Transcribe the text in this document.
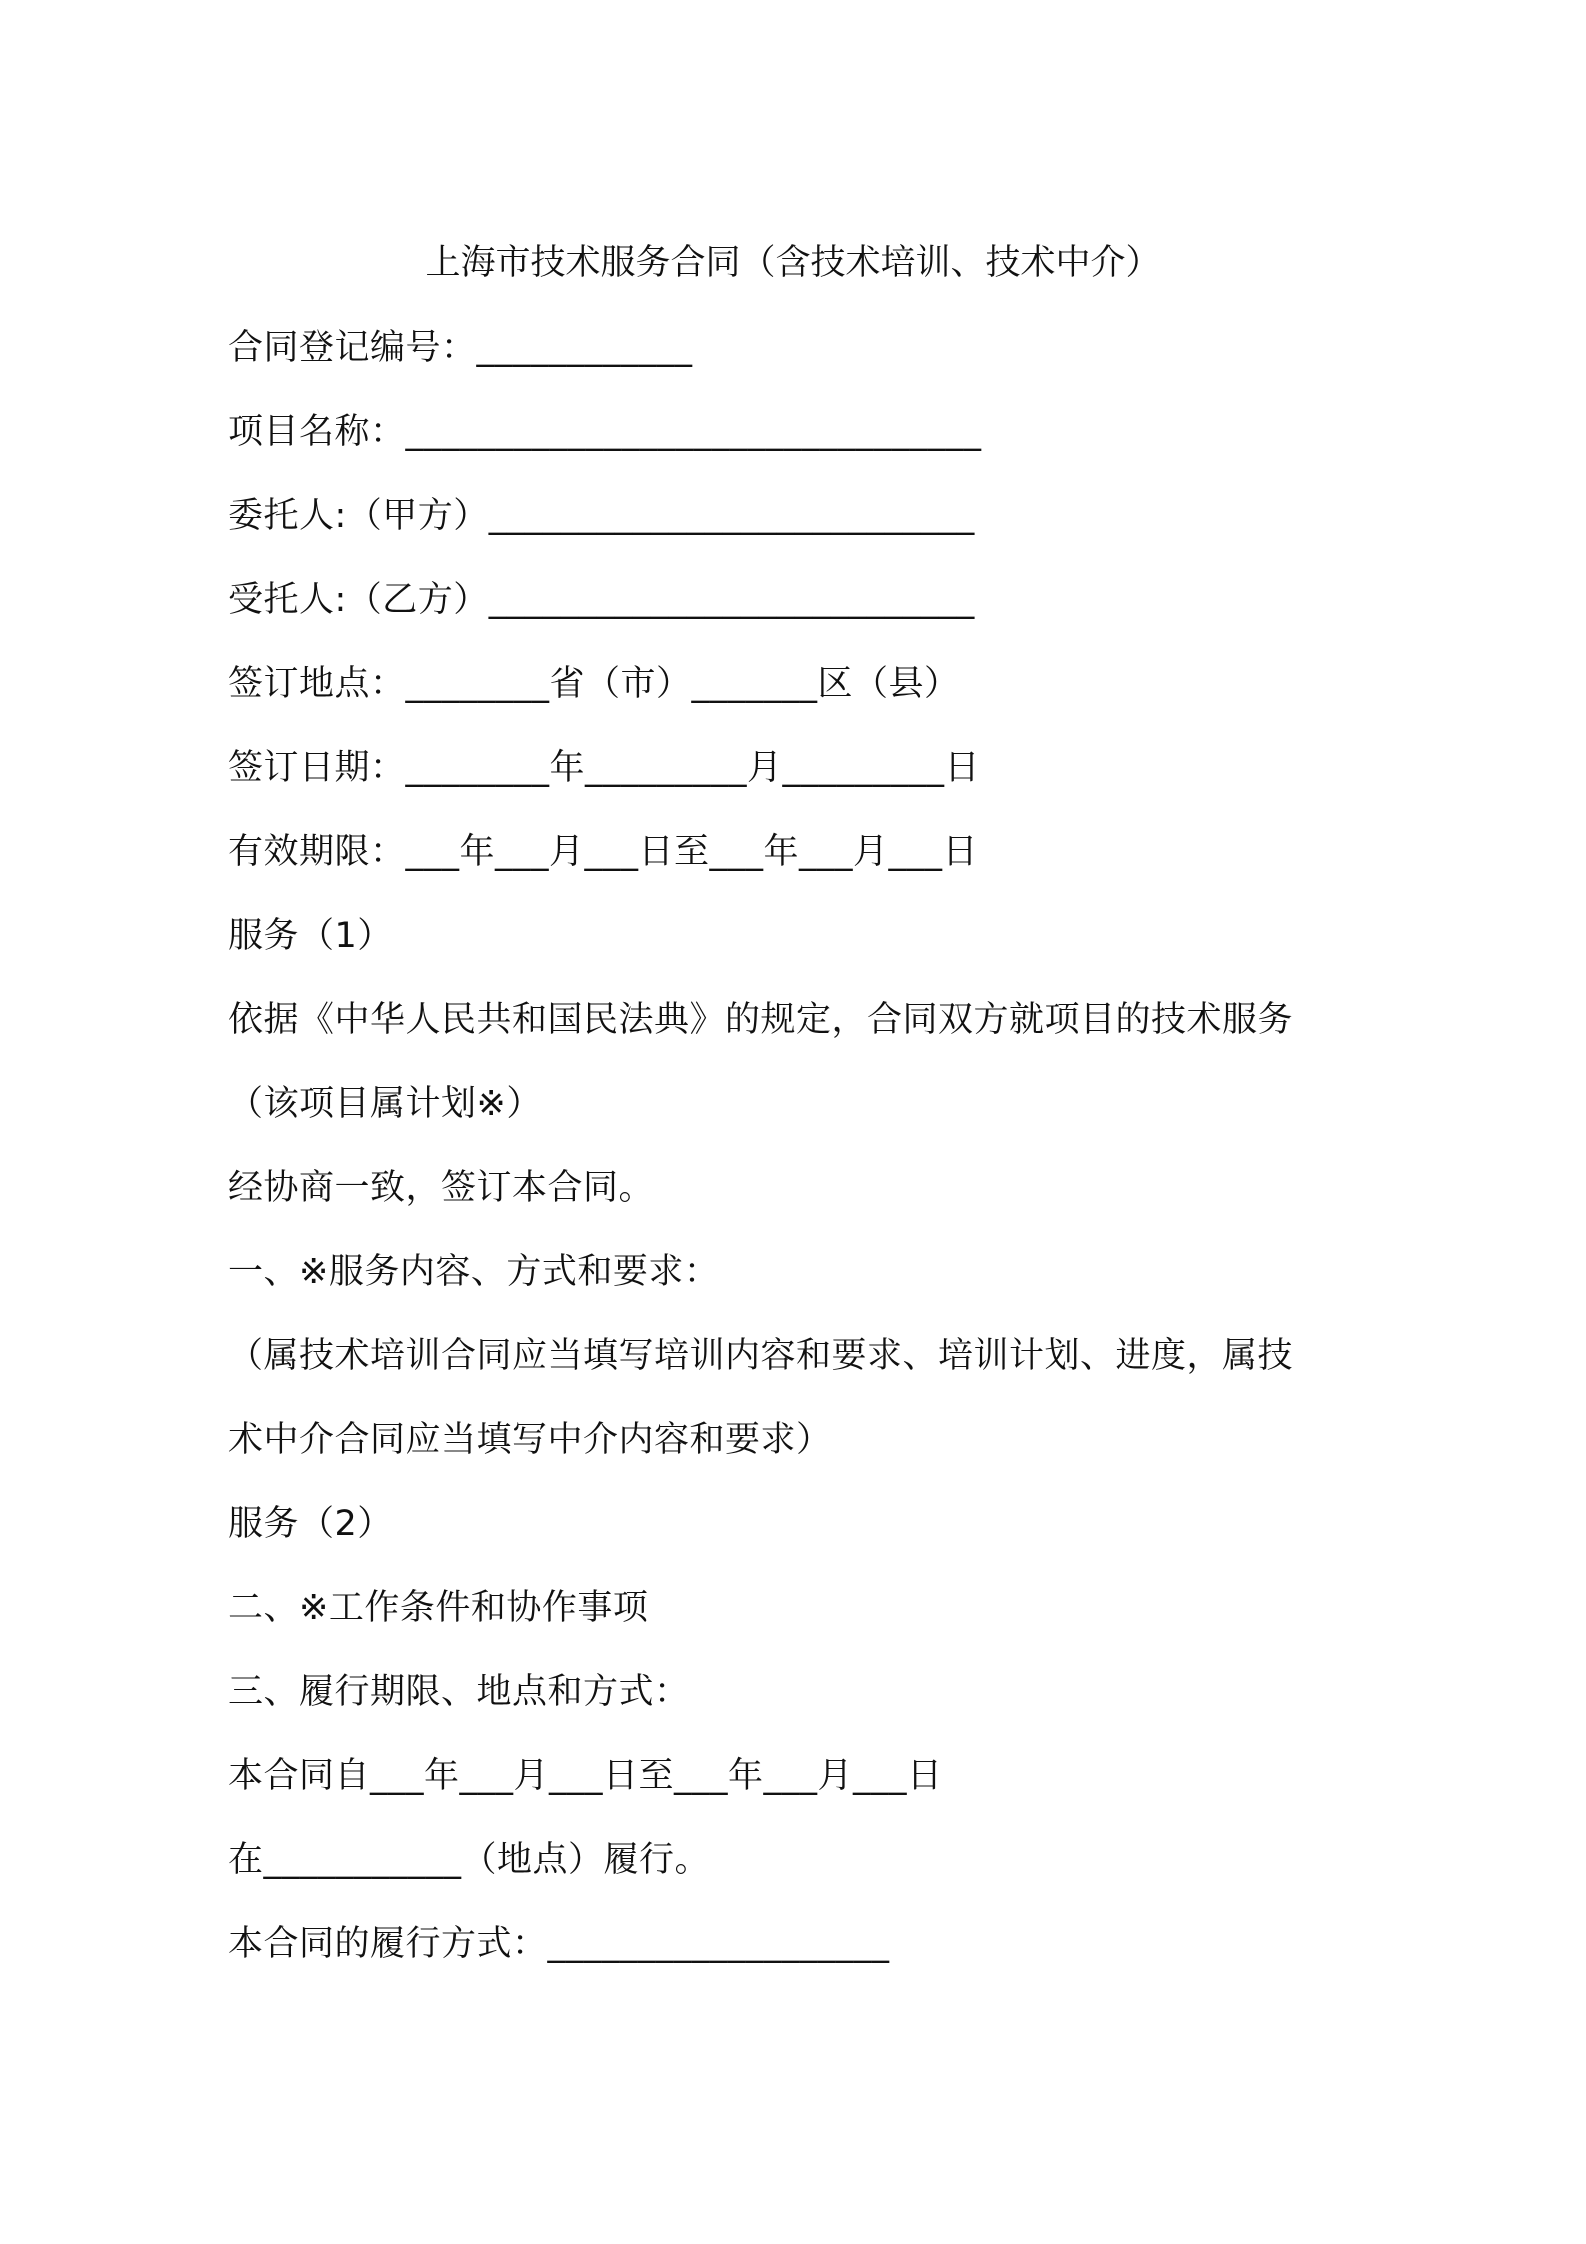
上海市技术服务合同（含技术培训、技术中介）
合同登记编号：____________
项目名称：________________________________
委托人:（甲方）___________________________
受托人:（乙方）___________________________
签订地点：________省（市）_______区（县）
签订日期：________年_________月_________日
有效期限：___年___月___日至___年___月___日
服务（1）
依据《中华人民共和国民法典》的规定，合同双方就项目的技术服务
（该项目属计划※）
经协商一致，签订本合同。
一、※服务内容、方式和要求：
（属技术培训合同应当填写培训内容和要求、培训计划、进度，属技
术中介合同应当填写中介内容和要求）
服务（2）
二、※工作条件和协作事项
三、履行期限、地点和方式：
本合同自___年___月___日至___年___月___日
在___________（地点）履行。
本合同的履行方式：___________________
